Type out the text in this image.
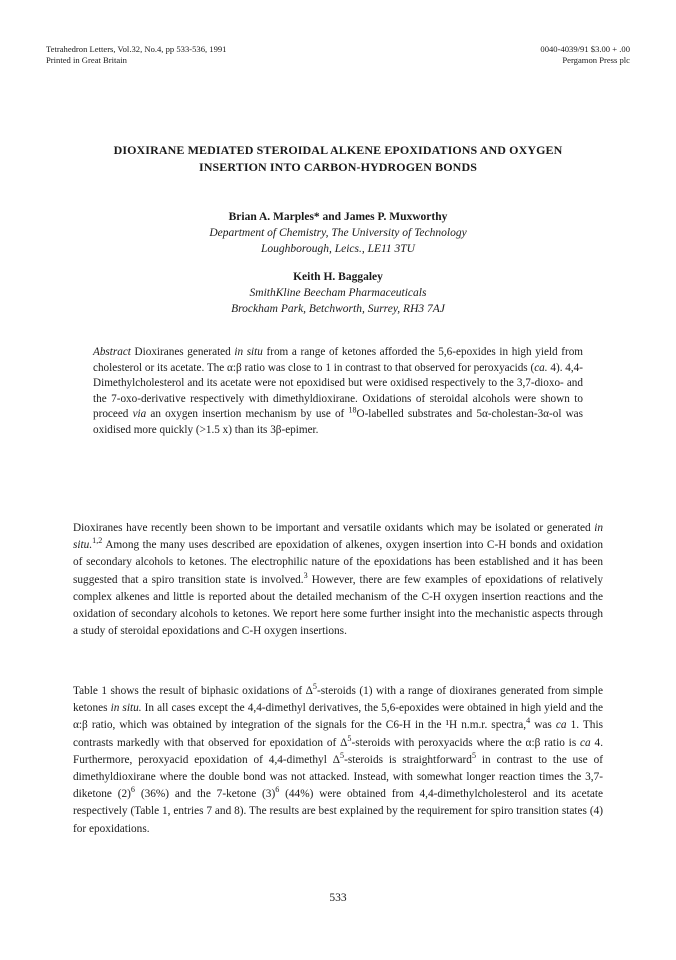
Tetrahedron Letters, Vol.32, No.4, pp 533-536, 1991
Printed in Great Britain
0040-4039/91 $3.00 + .00
Pergamon Press plc
DIOXIRANE MEDIATED STEROIDAL ALKENE EPOXIDATIONS AND OXYGEN
INSERTION INTO CARBON-HYDROGEN BONDS
Brian A. Marples* and James P. Muxworthy
Department of Chemistry, The University of Technology
Loughborough, Leics., LE11 3TU
Keith H. Baggaley
SmithKline Beecham Pharmaceuticals
Brockham Park, Betchworth, Surrey, RH3 7AJ
Abstract Dioxiranes generated in situ from a range of ketones afforded the 5,6-epoxides in high yield from cholesterol or its acetate. The α:β ratio was close to 1 in contrast to that observed for peroxyacids (ca. 4). 4,4-Dimethylcholesterol and its acetate were not epoxidised but were oxidised respectively to the 3,7-dioxo- and the 7-oxo-derivative respectively with dimethyldioxirane. Oxidations of steroidal alcohols were shown to proceed via an oxygen insertion mechanism by use of $^{18}$O-labelled substrates and 5α-cholestan-3α-ol was oxidised more quickly (>1.5 x) than its 3β-epimer.
Dioxiranes have recently been shown to be important and versatile oxidants which may be isolated or generated in situ.$^{1,2}$ Among the many uses described are epoxidation of alkenes, oxygen insertion into C-H bonds and oxidation of secondary alcohols to ketones. The electrophilic nature of the epoxidations has been established and it has been suggested that a spiro transition state is involved.$^3$ However, there are few examples of epoxidations of relatively complex alkenes and little is reported about the detailed mechanism of the C-H oxygen insertion reactions and the oxidation of secondary alcohols to ketones. We report here some further insight into the mechanistic aspects through a study of steroidal epoxidations and C-H oxygen insertions.
Table 1 shows the result of biphasic oxidations of $\Delta^5$-steroids (1) with a range of dioxiranes generated from simple ketones in situ. In all cases except the 4,4-dimethyl derivatives, the 5,6-epoxides were obtained in high yield and the α:β ratio, which was obtained by integration of the signals for the C6-H in the ¹H n.m.r. spectra,$^4$ was ca 1. This contrasts markedly with that observed for epoxidation of $\Delta^5$-steroids with peroxyacids where the α:β ratio is ca 4. Furthermore, peroxyacid epoxidation of 4,4-dimethyl $\Delta^5$-steroids is straightforward$^5$ in contrast to the use of dimethyldioxirane where the double bond was not attacked. Instead, with somewhat longer reaction times the 3,7-diketone $(2)^6$ (36%) and the 7-ketone $(3)^6$ (44%) were obtained from 4,4-dimethylcholesterol and its acetate respectively (Table 1, entries 7 and 8). The results are best explained by the requirement for spiro transition states (4) for epoxidations.
533
